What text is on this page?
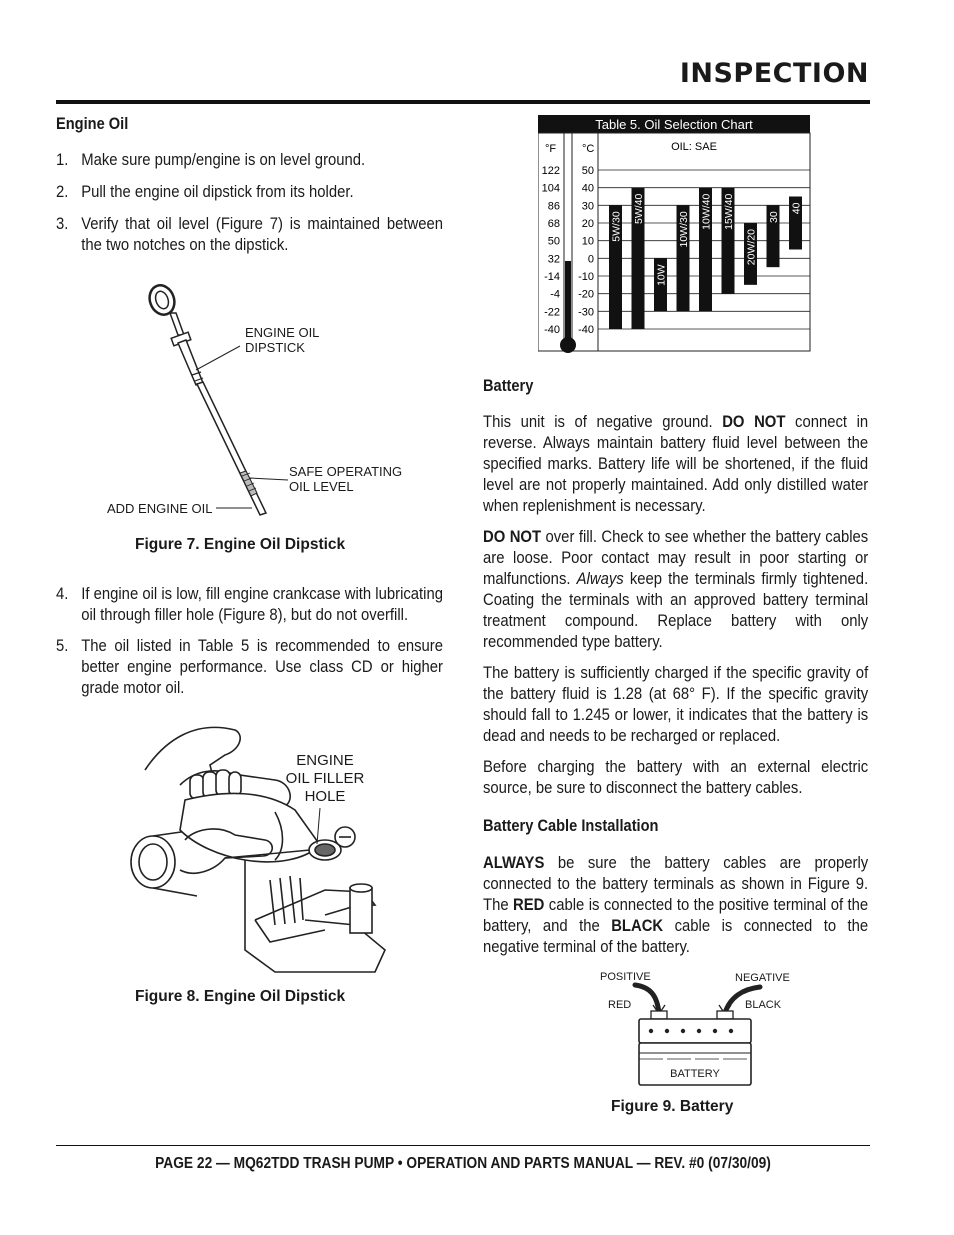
INSPECTION
Engine Oil
1. Make sure pump/engine is on level ground.
2. Pull the engine oil dipstick from its holder.
3. Verify that oil level (Figure 7) is maintained between the two notches on the dipstick.
ENGINE OIL
DIPSTICK
SAFE OPERATING
OIL LEVEL
ADD ENGINE OIL
Figure 7. Engine Oil Dipstick
4. If engine oil is low, fill engine crankcase with lubricating oil through filler hole (Figure 8), but do not overfill.
5. The oil listed in Table 5 is recommended to ensure better engine performance. Use class CD or higher grade motor oil.
ENGINE
OIL FILLER
HOLE
Figure 8. Engine Oil Dipstick
Table 5. Oil Selection Chart
°F °C	OIL: SAE
50
122
40
104
30
86
20
68
10
50
0
32
-10
-14
-20
-4
-30
-22
-40
-40
5W/30
5W/40
10W
10W/30 10W/40 15W/40
20W/20
30
40
Battery

This unit is of negative ground. DO NOT connect in reverse. Always maintain battery fluid level between the specified marks. Battery life will be shortened, if the fluid level are not properly maintained. Add only distilled water when replenishment is necessary.

DO NOT over fill. Check to see whether the battery cables are loose. Poor contact may result in poor starting or malfunctions. Always keep the terminals firmly tightened. Coating the terminals with an approved battery terminal treatment compound. Replace battery with only recommended type battery.

The battery is sufficiently charged if the specific gravity of the battery fluid is 1.28 (at 68° F). If the specific gravity should fall to 1.245 or lower, it indicates that the battery is dead and needs to be recharged or replaced.

Before charging the battery with an external electric source, be sure to disconnect the battery cables.

Battery Cable Installation

ALWAYS be sure the battery cables are properly connected to the battery terminals as shown in Figure 9. The RED cable is connected to the positive terminal of the battery, and the BLACK cable is connected to the negative terminal of the battery.

POSITIVE	NEGATIVE
RED	BLACK
BATTERY
Figure 9. Battery
PAGE 22 — MQ62TDD TRASH PUMP • OPERATION AND PARTS MANUAL — REV. #0 (07/30/09)
